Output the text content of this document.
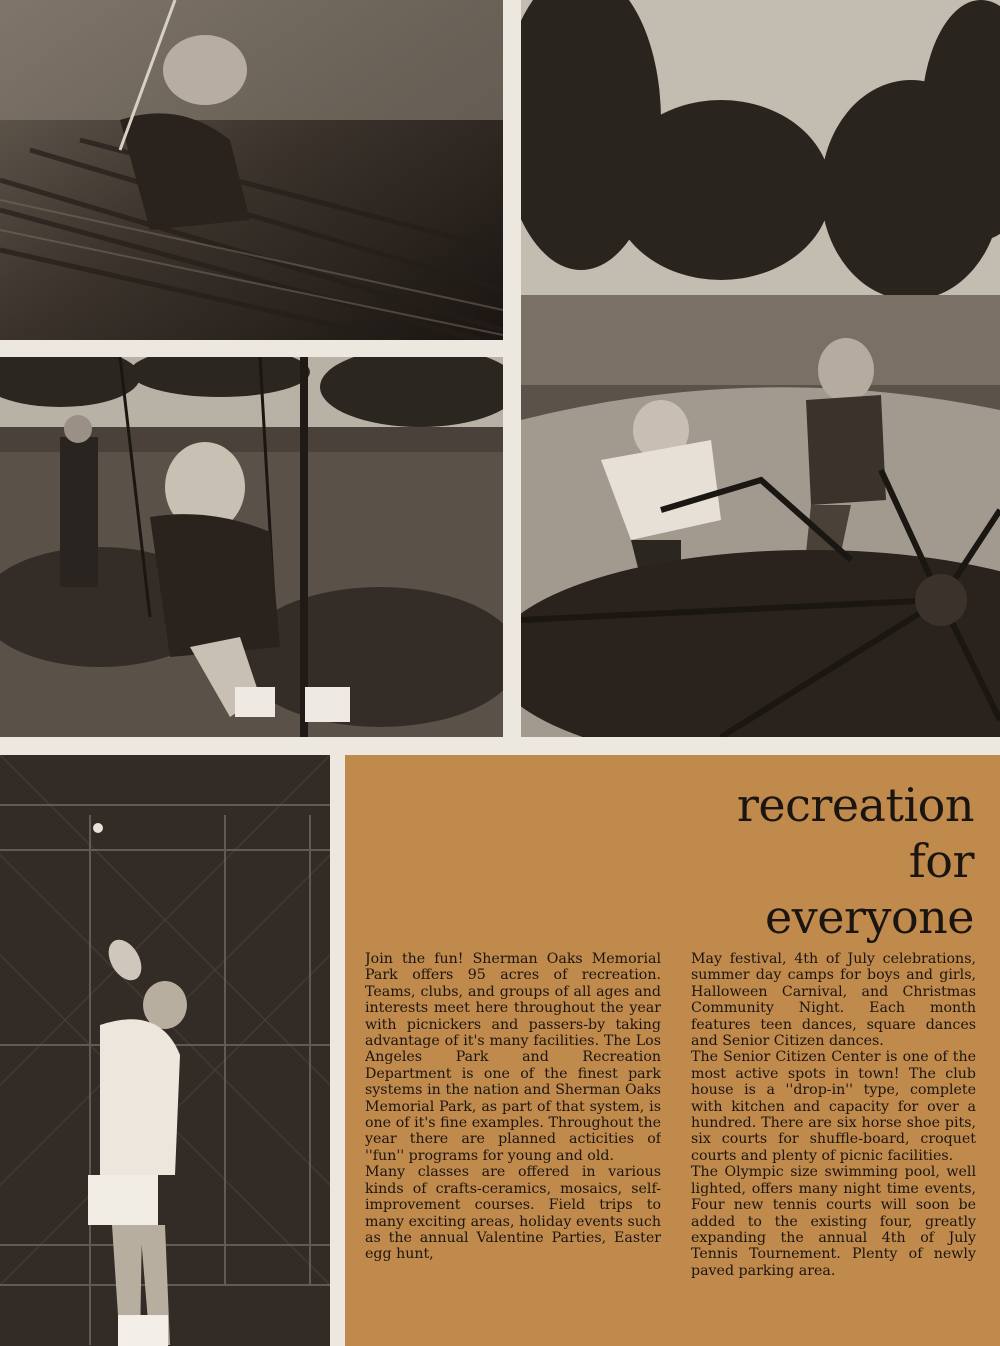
recreation
for
everyone

Join the fun! Sherman Oaks Memorial Park offers 95 acres of recreation. Teams, clubs, and groups of all ages and interests meet here throughout the year with picnickers and passers-by taking advantage of it's many facilities. The Los Angeles Park and Recreation Department is one of the finest park systems in the nation and Sherman Oaks Memorial Park, as part of that system, is one of it's fine examples. Throughout the year there are planned acticities of ''fun'' programs for young and old.

Many classes are offered in various kinds of crafts-ceramics, mosaics, self-improvement courses. Field trips to many exciting areas, holiday events such as the annual Valentine Parties, Easter egg hunt,

May festival, 4th of July celebrations, summer day camps for boys and girls, Halloween Carnival, and Christmas Community Night. Each month features teen dances, square dances and Senior Citizen dances.

The Senior Citizen Center is one of the most active spots in town! The club house is a ''drop-in'' type, complete with kitchen and capacity for over a hundred. There are six horse shoe pits, six courts for shuffle-board, croquet courts and plenty of picnic facilities.

The Olympic size swimming pool, well lighted, offers many night time events, Four new tennis courts will soon be added to the existing four, greatly expanding the annual 4th of July Tennis Tournement. Plenty of newly paved parking area.
